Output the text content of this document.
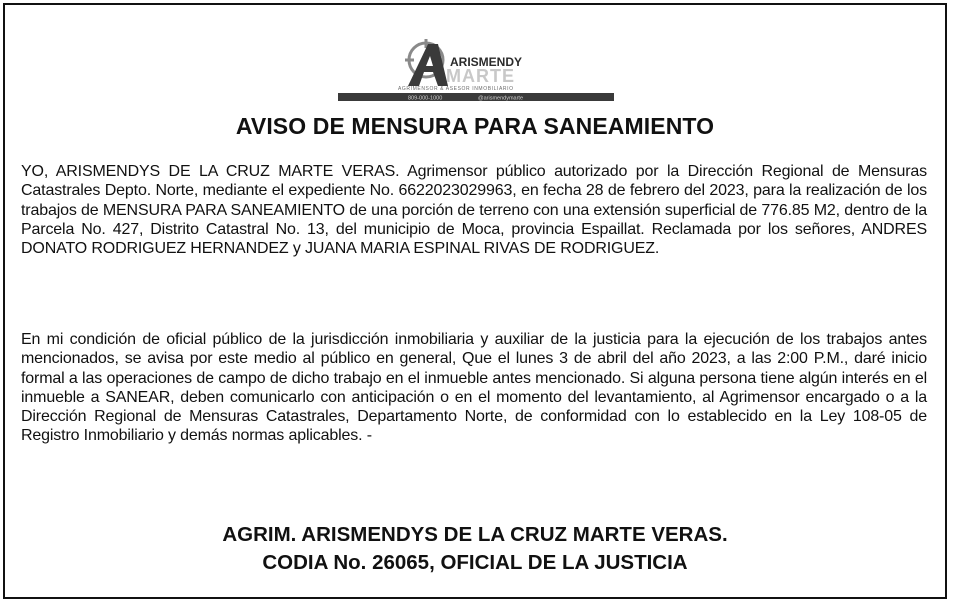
ARISMENDY
MARTE
AGRIMENSOR & ASESOR INMOBILIARIO
809-000-1000	@arismendymarte
AVISO DE MENSURA PARA SANEAMIENTO

YO, ARISMENDYS DE LA CRUZ MARTE VERAS. Agrimensor público autorizado por la Dirección Regional de Mensuras Catastrales Depto. Norte, mediante el expediente No. 6622023029963, en fecha 28 de febrero del 2023, para la realización de los trabajos de MENSURA PARA SANEAMIENTO de una porción de terreno con una extensión superficial de 776.85 M2, dentro de la Parcela No. 427, Distrito Catastral No. 13, del municipio de Moca, provincia Espaillat. Reclamada por los señores, ANDRES DONATO RODRIGUEZ HERNANDEZ y JUANA MARIA ESPINAL RIVAS DE RODRIGUEZ.

En mi condición de oficial público de la jurisdicción inmobiliaria y auxiliar de la justicia para la ejecución de los trabajos antes mencionados, se avisa por este medio al público en general, Que el lunes 3 de abril del año 2023, a las 2:00 P.M., daré inicio formal a las operaciones de campo de dicho trabajo en el inmueble antes mencionado. Si alguna persona tiene algún interés en el inmueble a SANEAR, deben comunicarlo con anticipación o en el momento del levantamiento, al Agrimensor encargado o a la Dirección Regional de Mensuras Catastrales, Departamento Norte, de conformidad con lo establecido en la Ley 108-05 de Registro Inmobiliario y demás normas aplicables. -

AGRIM. ARISMENDYS DE LA CRUZ MARTE VERAS.

CODIA No. 26065, OFICIAL DE LA JUSTICIA
